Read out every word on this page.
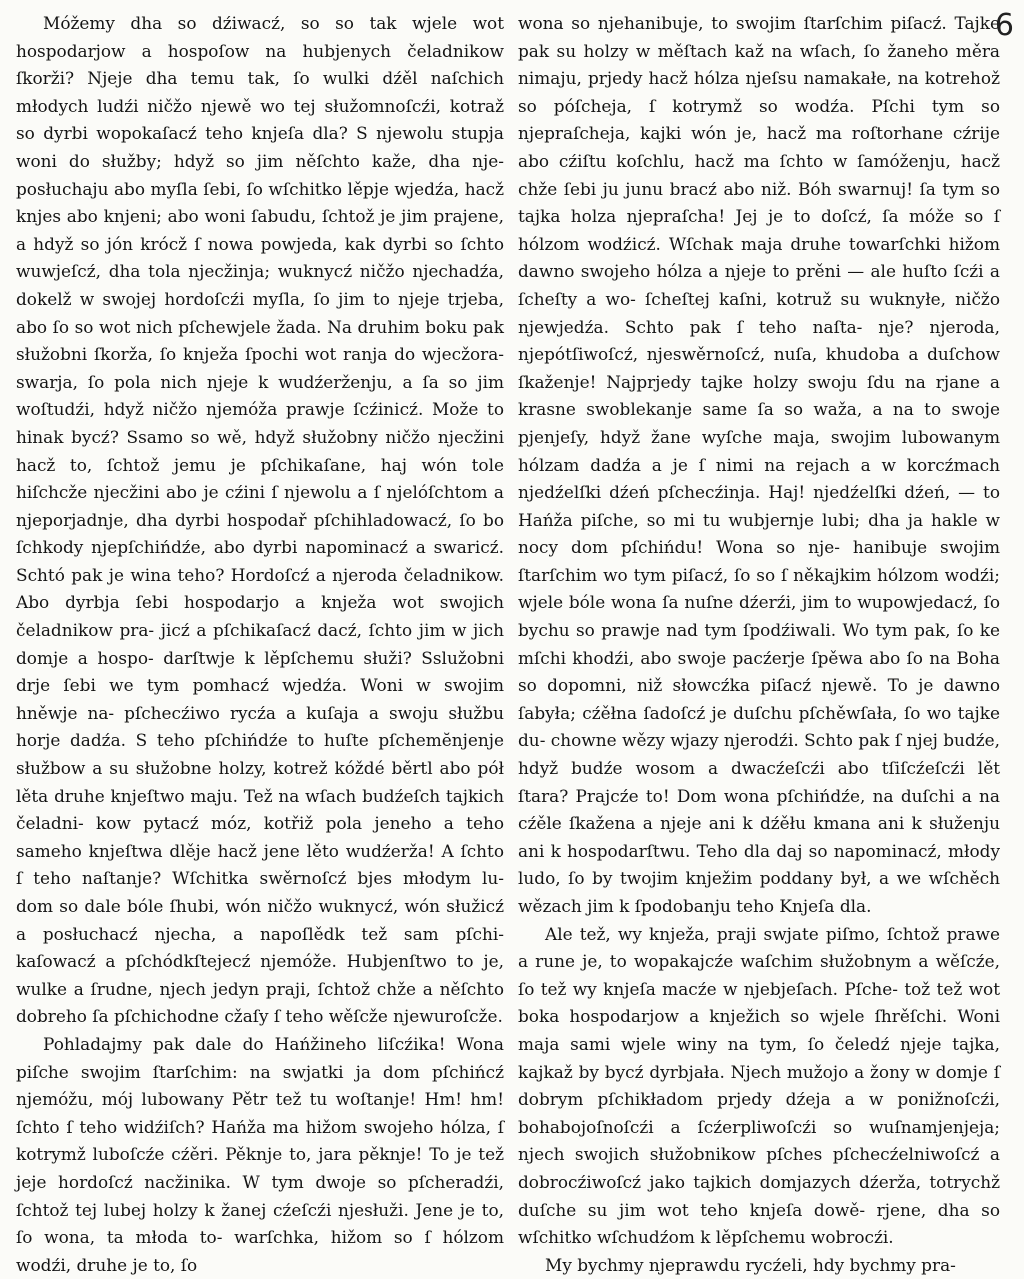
6

Móžemy dha so dźiwacź, so so tak wjele wot hospodarjow a hospoſow na hubjenych čeladnikow ſkorži? Njeje dha temu tak, ſo wulki dźěl naſchich młodych ludźi ničžo njewě wo tej słužomnoſcźi, kotraž so dyrbi wopokaſacź teho knjeſa dla? S njewolu stupja woni do słužby; hdyž so jim něſchto kaže, dha nje- posłuchaju abo myſla ſebi, ſo wſchitko lěpje wjedźa, hacž knjes abo knjeni; abo woni ſabudu, ſchtož je jim prajene, a hdyž so jón krócž ſ nowa powjeda, kak dyrbi so ſchto wuwjeſcź, dha tola njecžinja; wuknycź ničžo njechadźa, dokelž w swojej hordoſcźi myſla, ſo jim to njeje trjeba, abo ſo so wot nich pſchewjele žada. Na druhim boku pak słužobni ſkorža, ſo knježa ſpochi wot ranja do wjecžora-swarja, ſo pola nich njeje k wudźerženju, a ſa so jim woſtudźi, hdyž ničžo njemóža prawje ſcźinicź. Može to hinak bycź? Ssamo so wě, hdyž słužobny ničžo njecžini hacž to, ſchtož jemu je pſchikaſane, haj wón tole hiſchcže njecžini abo je cźini ſ njewolu a ſ njelóſchtom a njeporjadnje, dha dyrbi hospodař pſchihladowacź, ſo bo ſchkody njepſchińdźe, abo dyrbi napominacź a swaricź. Schtó pak je wina teho? Hordoſcź a njeroda čeladnikow. Abo dyrbja ſebi hospodarjo a knježa wot swojich čeladnikow pra- jicź a pſchikaſacź dacź, ſchto jim w jich domje a hospo- darſtwje k lěpſchemu słuži? Sslužobni drje ſebi we tym pomhacź wjedźa. Woni w swojim hněwje na- pſchecźiwo rycźa a kuſaja a swoju słužbu horje dadźa. S teho pſchińdźe to huſte pſchemĕnjenje słužbow a su słužobne holzy, kotrež kóždé běrtl abo pół lěta druhe knjeſtwo maju. Tež na wſach budźeſch tajkich čeladni- kow pytacź móz, kotřiž pola jeneho a teho sameho knjeſtwa dlěje hacž jene lěto wudźerža! A ſchto ſ teho naſtanje? Wſchitka swěrnoſcź bjes młodym lu- dom so dale bóle ſhubi, wón ničžo wuknycź, wón słužicź a posłuchacź njecha, a napoſlědk tež sam pſchi- kaſowacź a pſchódkſtejecź njemóže. Hubjenſtwo to je, wulke a ſrudne, njech jedyn praji, ſchtož chže a něſchto dobreho ſa pſchichodne cžaſy ſ teho wěſcže njewuroſcže.

Pohladajmy pak dale do Hańžineho liſcźika! Wona piſche swojim ſtarſchim: na swjatki ja dom pſchińcź njemóžu, mój lubowany Pětr tež tu woſtanje! Hm! hm! ſchto ſ teho widźiſch? Hańža ma hižom swojeho hólza, ſ kotrymž luboſcźe cźěri. Pěknje to, jara pěknje! To je tež jeje hordoſcź nacžinika. W tym dwoje so pſcheradźi, ſchtož tej lubej holzy k žanej cźeſcźi njesłuži. Jene je to, ſo wona, ta młoda to- warſchka, hižom so ſ hólzom wodźi, druhe je to, ſo

wona so njehanibuje, to swojim ſtarſchim piſacź. Tajke pak su holzy w měſtach kaž na wſach, ſo žaneho měra nimaju, prjedy hacž hólza njeſsu namakałe, na kotrehož so póſcheja, ſ kotrymž so wodźa. Pſchi tym so njepraſcheja, kajki wón je, hacž ma roſtorhane cźrije abo cźiſtu koſchlu, hacž ma ſchto w ſamóženju, hacž chže ſebi ju junu bracź abo niž. Bóh swarnuj! ſa tym so tajka holza njepraſcha! Jej je to doſcź, ſa móže so ſ hólzom wodźicź. Wſchak maja druhe towarſchki hižom dawno swojeho hólza a njeje to prěni — ale huſto ſcźi a ſcheſty a wo- ſcheſtej kaſni, kotruž su wuknyłe, ničžo njewjedźa. Schto pak ſ teho naſta- nje? njeroda, njepótſiwoſcź, njeswěrnoſcź, nuſa, khudoba a duſchow ſkaženje! Najprjedy tajke holzy swoju ſdu na rjane a krasne swoblekanje same ſa so waža, a na to swoje pjenjeſy, hdyž žane wyſche maja, swojim lubowanym hólzam dadźa a je ſ nimi na rejach a w korcźmach njedźelſki dźeń pſchecźinja. Haj! njedźelſki dźeń, — to Hańža piſche, so mi tu wubjernje lubi; dha ja hakle w nocy dom pſchińdu! Wona so nje- hanibuje swojim ſtarſchim wo tym piſacź, ſo so ſ někajkim hólzom wodźi; wjele bóle wona ſa nuſne dźerźi, jim to wupowjedacź, ſo bychu so prawje nad tym ſpodźiwali. Wo tym pak, ſo ke mſchi khodźi, abo swoje pacźerje ſpěwa abo ſo na Boha so dopomni, niž słowcźka piſacź njewě. To je dawno ſabyła; cźěłna ſadoſcź je duſchu pſchěwſała, ſo wo tajke du- chowne wězy wjazy njerodźi. Schto pak ſ njej budźe, hdyž budźe wosom a dwacźeſcźi abo tſiſcźeſcźi lět ſtara? Prajcźe to! Dom wona pſchińdźe, na duſchi a na cźěle ſkažena a njeje ani k dźěłu kmana ani k słuženju ani k hospodarſtwu. Teho dla daj so napominacź, młody ludo, ſo by twojim knježim poddany był, a we wſchěch wězach jim k ſpodobanju teho Knjeſa dla.

Ale tež, wy knježa, praji swjate piſmo, ſchtož prawe a rune je, to wopakajcźe waſchim słužobnym a wěſcźe, ſo tež wy knjeſa macźe w njebjeſach. Pſche- tož tež wot boka hospodarjow a knježich so wjele ſhrěſchi. Woni maja sami wjele winy na tym, ſo čeledź njeje tajka, kajkaž by bycź dyrbjała. Njech mužojo a žony w domje ſ dobrym pſchikładom prjedy dźeja a w ponižnoſcźi, bohabojoſnoſcźi a ſcźerpliwoſcźi so wuſnamjenjeja; njech swojich słužobnikow pſches pſchecźelniwoſcź a dobrocźiwoſcź jako tajkich domjazych dźerža, totrychž duſche su jim wot teho knjeſa dowě- rjene, dha so wſchitko wſchudźom k lěpſchemu wobrocźi.

My bychmy njeprawdu rycźeli, hdy bychmy pra-
